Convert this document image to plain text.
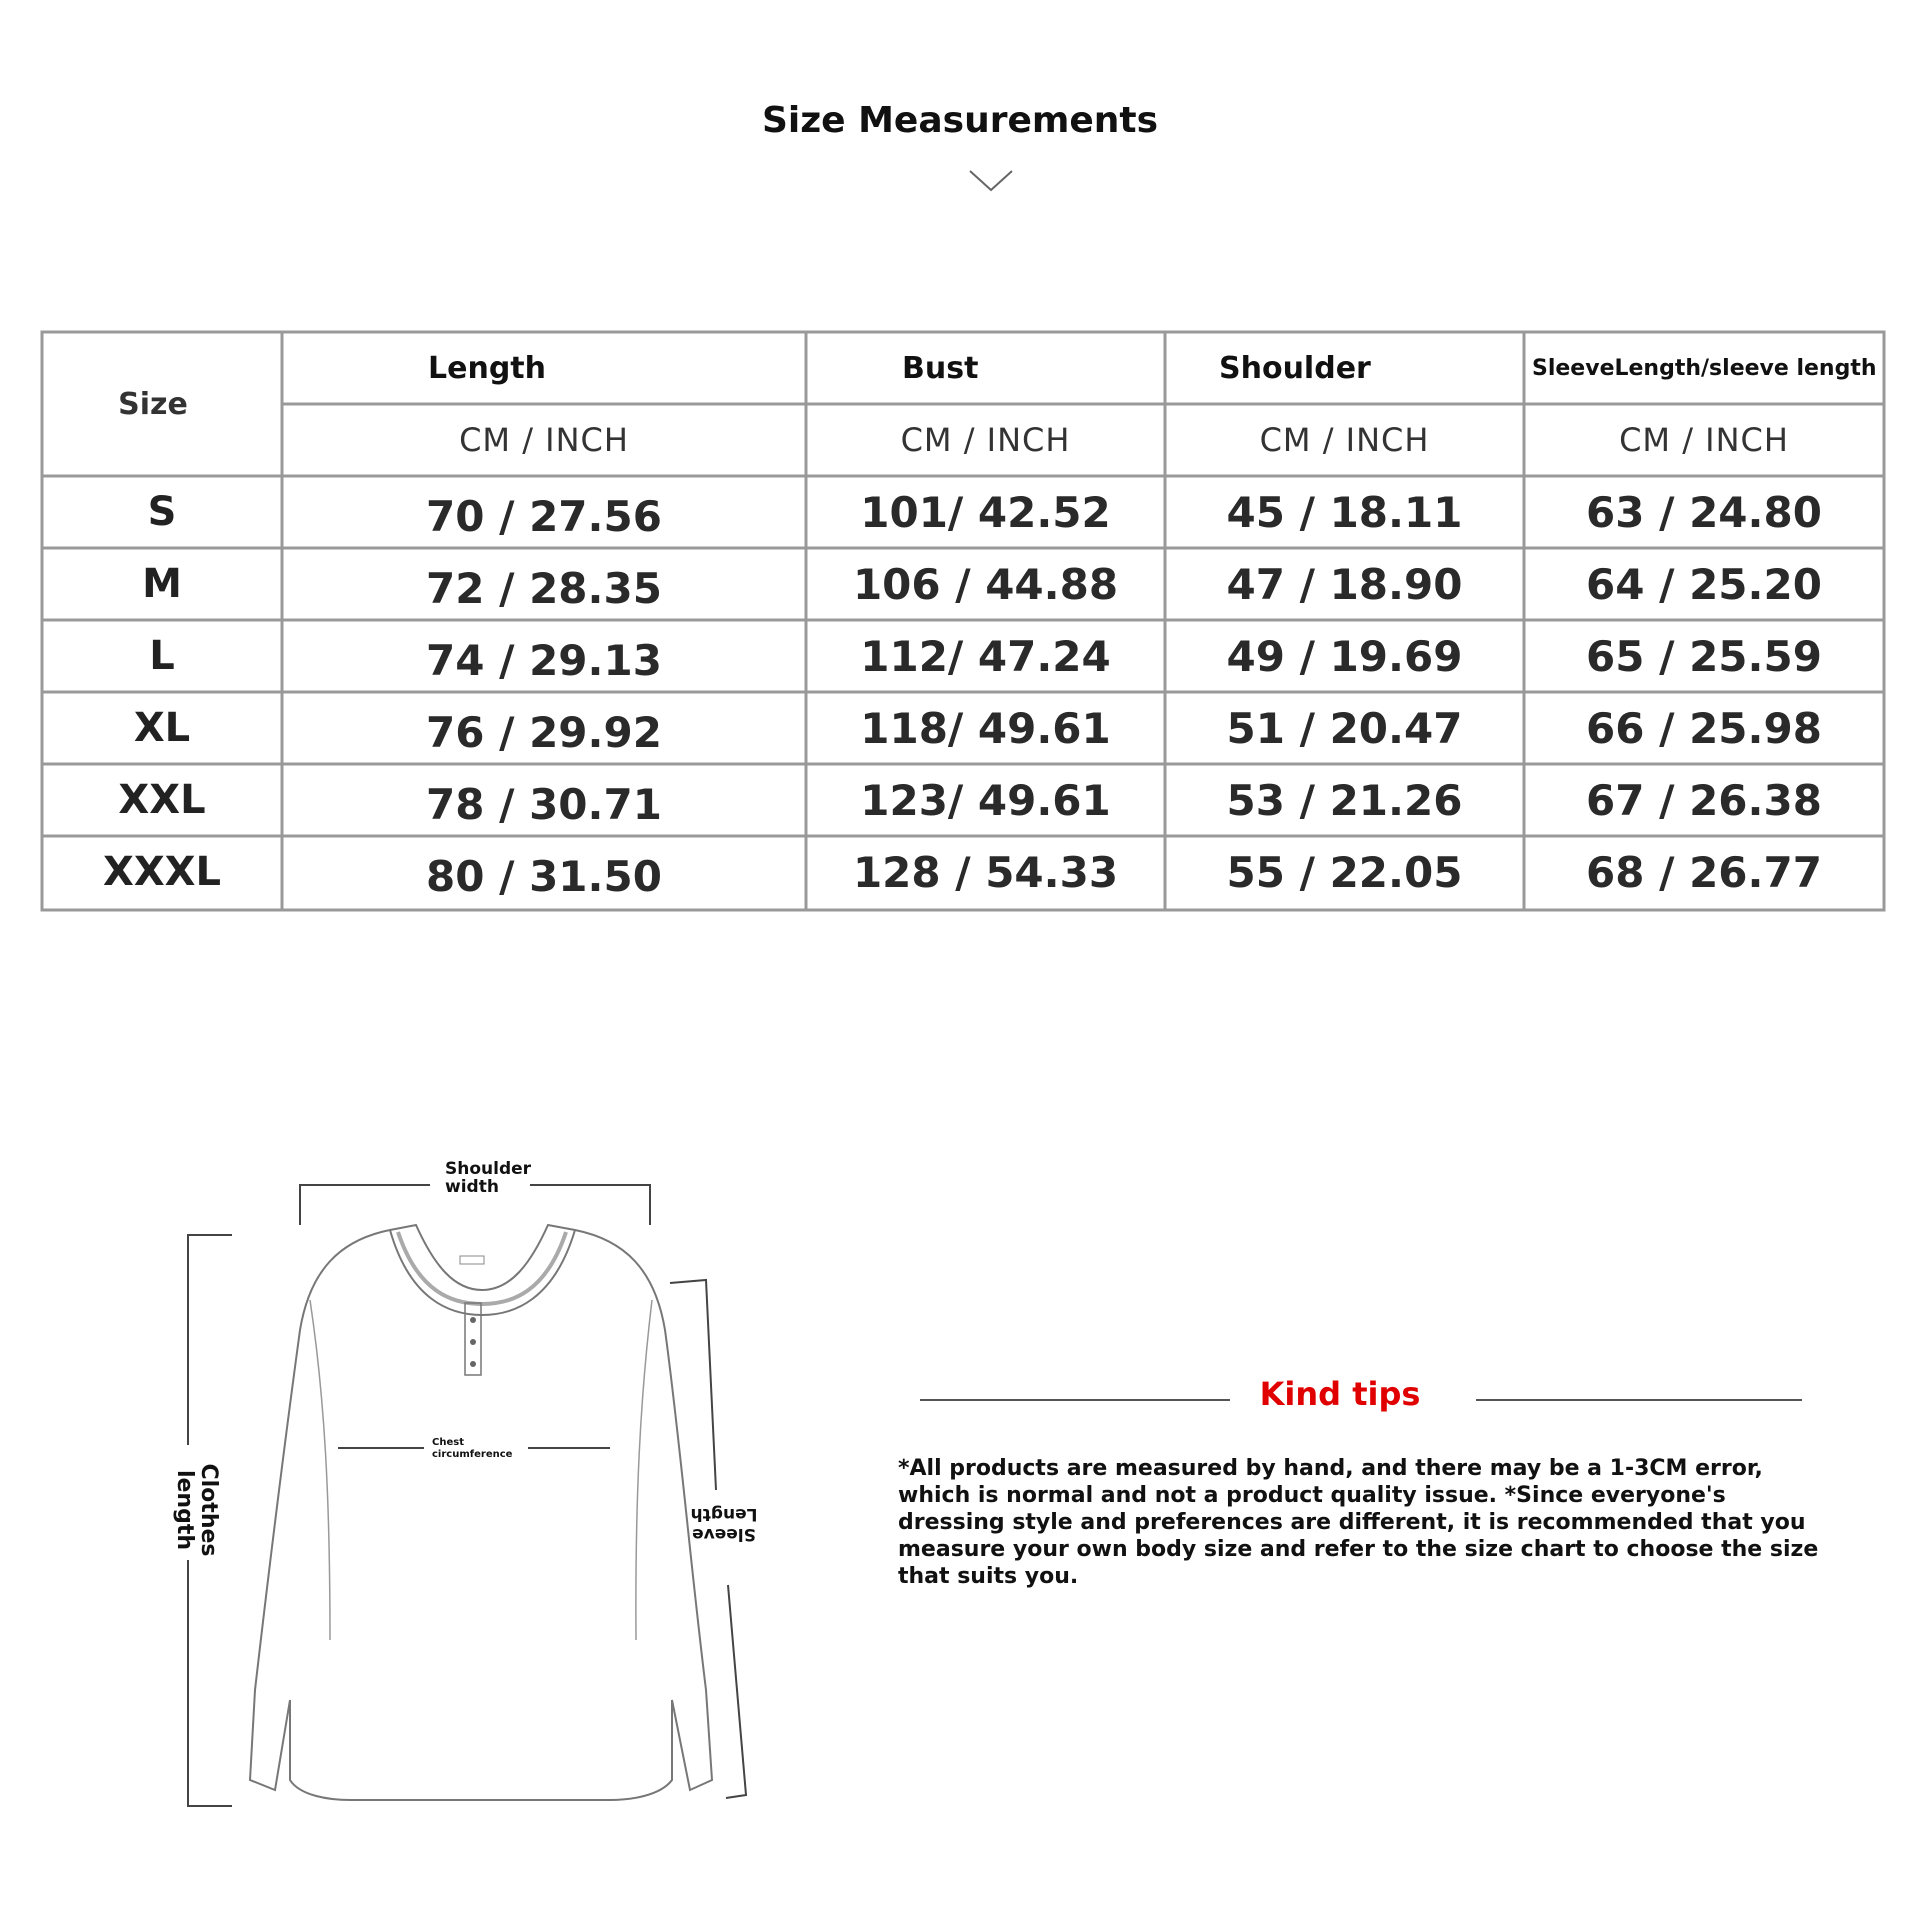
Size Measurements
Size
Length	Bust	Shoulder	SleeveLength/sleeve length
CM / INCH	CM / INCH	CM / INCH	CM / INCH
S	70 / 27.56	101/ 42.52	45 / 18.11	63 / 24.80
M	72 / 28.35	106 / 44.88	47 / 18.90	64 / 25.20
L	74 / 29.13	112/ 47.24	49 / 19.69	65 / 25.59
XL	76 / 29.92	118/ 49.61	51 / 20.47	66 / 25.98
XXL	78 / 30.71	123/ 49.61	53 / 21.26	67 / 26.38
XXXL	80 / 31.50	128 / 54.33	55 / 22.05	68 / 26.77
Shoulder
width
Chest
circumference
Clothes
length	Sleeve
Length
Kind tips
*All products are measured by hand, and there may be a 1-3CM error, which is normal and not a product quality issue. *Since everyone's dressing style and preferences are different, it is recommended that you measure your own body size and refer to the size chart to choose the size that suits you.
